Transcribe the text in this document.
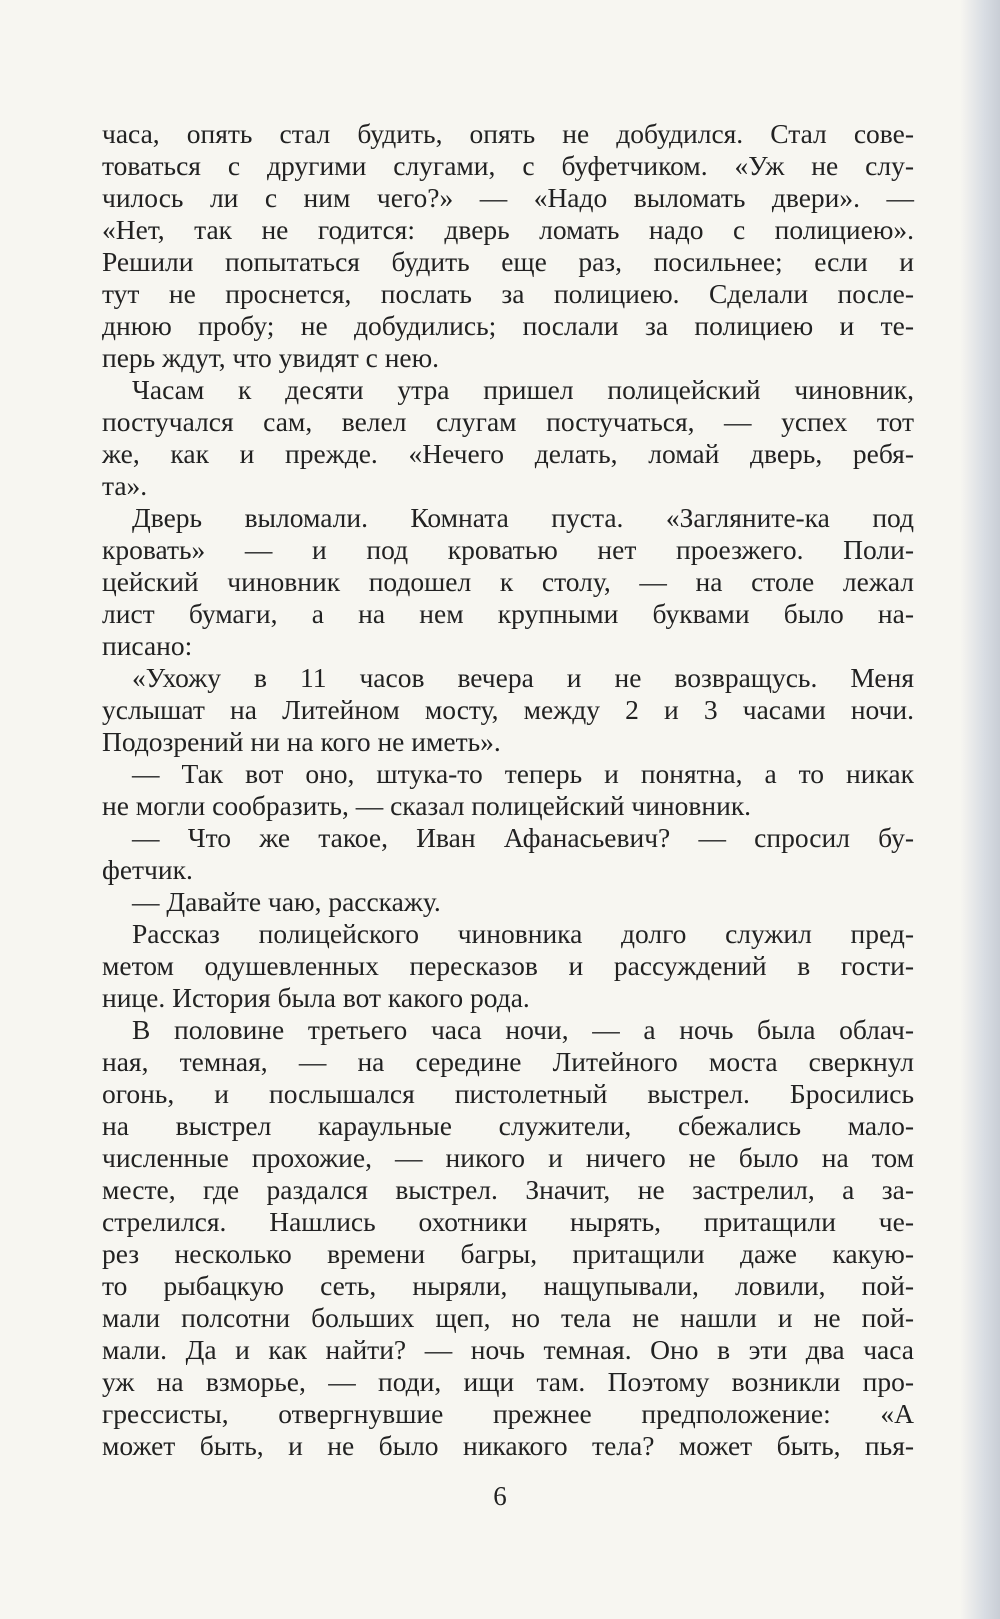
часа, опять стал будить, опять не добудился. Стал сове-
товаться с другими слугами, с буфетчиком. «Уж не слу-
чилось ли с ним чего?» — «Надо выломать двери». —
«Нет, так не годится: дверь ломать надо с полициею».
Решили попытаться будить еще раз, посильнее; если и
тут не проснется, послать за полициею. Сделали после-
днюю пробу; не добудились; послали за полициею и те-
перь ждут, что увидят с нею.
Часам к десяти утра пришел полицейский чиновник,
постучался сам, велел слугам постучаться, — успех тот
же, как и прежде. «Нечего делать, ломай дверь, ребя-
та».
Дверь выломали. Комната пуста. «Загляните-ка под
кровать» — и под кроватью нет проезжего. Поли-
цейский чиновник подошел к столу, — на столе лежал
лист бумаги, а на нем крупными буквами было на-
писано:
«Ухожу в 11 часов вечера и не возвращусь. Меня
услышат на Литейном мосту, между 2 и 3 часами ночи.
Подозрений ни на кого не иметь».
— Так вот оно, штука-то теперь и понятна, а то никак
не могли сообразить, — сказал полицейский чиновник.
— Что же такое, Иван Афанасьевич? — спросил бу-
фетчик.
— Давайте чаю, расскажу.
Рассказ полицейского чиновника долго служил пред-
метом одушевленных пересказов и рассуждений в гости-
нице. История была вот какого рода.
В половине третьего часа ночи, — а ночь была облач-
ная, темная, — на середине Литейного моста сверкнул
огонь, и послышался пистолетный выстрел. Бросились
на выстрел караульные служители, сбежались мало-
численные прохожие, — никого и ничего не было на том
месте, где раздался выстрел. Значит, не застрелил, а за-
стрелился. Нашлись охотники нырять, притащили че-
рез несколько времени багры, притащили даже какую-
то рыбацкую сеть, ныряли, нащупывали, ловили, пой-
мали полсотни больших щеп, но тела не нашли и не пой-
мали. Да и как найти? — ночь темная. Оно в эти два часа
уж на взморье, — поди, ищи там. Поэтому возникли про-
грессисты, отвергнувшие прежнее предположение: «А
может быть, и не было никакого тела? может быть, пья-
6
